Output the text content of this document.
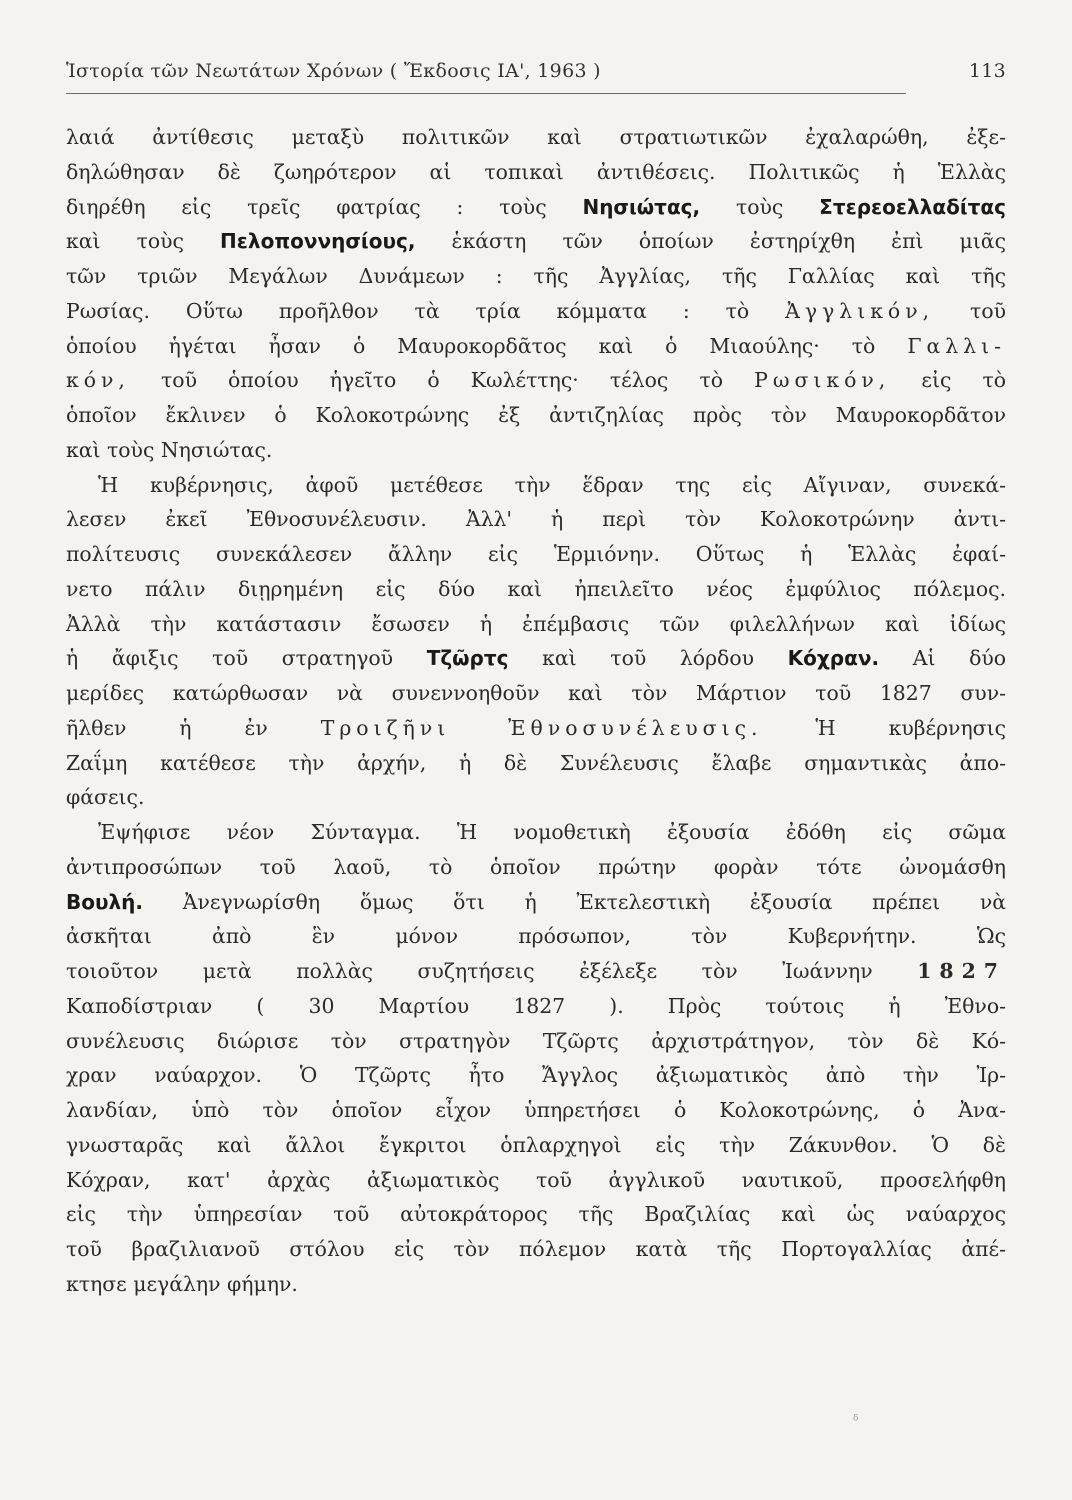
Ἱστορία τῶν Νεωτάτων Χρόνων ( Ἔκδοσις ΙΑ', 1963 )	113
λαιά ἀντίθεσις μεταξὺ πολιτικῶν καὶ στρατιωτικῶν ἐχαλαρώθη, ἐξε-
δηλώθησαν δὲ ζωηρότερον αἱ τοπικαὶ ἀντιθέσεις. Πολιτικῶς ἡ Ἑλλὰς
διηρέθη εἰς τρεῖς φατρίας : τοὺς Νησιώτας, τοὺς Στερεοελλαδίτας
καὶ τοὺς Πελοποννησίους, ἑκάστη τῶν ὁποίων ἐστηρίχθη ἐπὶ μιᾶς
τῶν τριῶν Μεγάλων Δυνάμεων : τῆς Ἀγγλίας, τῆς Γαλλίας καὶ τῆς
Ρωσίας. Οὕτω προῆλθον τὰ τρία κόμματα : τὸ Ἀγγλικόν, τοῦ
ὁποίου ἡγέται ἦσαν ὁ Μαυροκορδᾶτος καὶ ὁ Μιαούλης· τὸ Γαλλι-
κόν, τοῦ ὁποίου ἡγεῖτο ὁ Κωλέττης· τέλος τὸ Ρωσικόν, εἰς τὸ
ὁποῖον ἔκλινεν ὁ Κολοκοτρώνης ἐξ ἀντιζηλίας πρὸς τὸν Μαυροκορδᾶτον
καὶ τοὺς Νησιώτας.
Ἡ κυβέρνησις, ἀφοῦ μετέθεσε τὴν ἕδραν της εἰς Αἴγιναν, συνεκά-
λεσεν ἐκεῖ Ἐθνοσυνέλευσιν. Ἀλλ' ἡ περὶ τὸν Κολοκοτρώνην ἀντι-
πολίτευσις συνεκάλεσεν ἄλλην εἰς Ἑρμιόνην. Οὕτως ἡ Ἑλλὰς ἐφαί-
νετο πάλιν διῃρημένη εἰς δύο καὶ ἠπειλεῖτο νέος ἐμφύλιος πόλεμος.
Ἀλλὰ τὴν κατάστασιν ἔσωσεν ἡ ἐπέμβασις τῶν φιλελλήνων καὶ ἰδίως
ἡ ἄφιξις τοῦ στρατηγοῦ Τζῶρτς καὶ τοῦ λόρδου Κόχραν. Αἱ δύο
μερίδες κατώρθωσαν νὰ συνεννοηθοῦν καὶ τὸν Μάρτιον τοῦ 1827 συν-
ῆλθεν ἡ ἐν	Τροιζῆνι Ἐθνοσυνέλευσις.	Ἡ κυβέρνησις
Ζαΐμη κατέθεσε τὴν ἀρχήν, ἡ δὲ Συνέλευσις ἔλαβε σημαντικὰς ἀπο-
φάσεις.
Ἐψήφισε νέον Σύνταγμα. Ἡ νομοθετικὴ ἐξουσία ἐδόθη εἰς σῶμα
ἀντιπροσώπων τοῦ λαοῦ, τὸ ὁποῖον πρώτην φορὰν τότε ὠνομάσθη
Βουλή. Ἀνεγνωρίσθη ὅμως ὅτι ἡ Ἐκτελεστικὴ ἐξουσία πρέπει νὰ
ἀσκῆται ἀπὸ ἓν μόνον πρόσωπον, τὸν Κυβερνήτην. Ὡς
τοιοῦτον μετὰ πολλὰς συζητήσεις ἐξέλεξε τὸν Ἰωάννην 1827
Καποδίστριαν ( 30 Μαρτίου 1827 ). Πρὸς τούτοις ἡ Ἐθνο-
συνέλευσις διώρισε τὸν στρατηγὸν Τζῶρτς ἀρχιστράτηγον, τὸν δὲ Κό-
χραν ναύαρχον. Ὁ Τζῶρτς ἦτο Ἄγγλος ἀξιωματικὸς ἀπὸ τὴν Ἰρ-
λανδίαν, ὑπὸ τὸν ὁποῖον εἶχον ὑπηρετήσει ὁ Κολοκοτρώνης, ὁ Ἀνα-
γνωσταρᾶς καὶ ἄλλοι ἔγκριτοι ὁπλαρχηγοὶ εἰς τὴν Ζάκυνθον. Ὁ δὲ
Κόχραν, κατ' ἀρχὰς ἀξιωματικὸς τοῦ ἀγγλικοῦ ναυτικοῦ, προσελήφθη
εἰς τὴν ὑπηρεσίαν τοῦ αὐτοκράτορος τῆς Βραζιλίας καὶ ὡς ναύαρχος
τοῦ βραζιλιανοῦ στόλου εἰς τὸν πόλεμον κατὰ τῆς Πορτογαλλίας ἀπέ-
κτησε μεγάλην φήμην.
ᵟ
